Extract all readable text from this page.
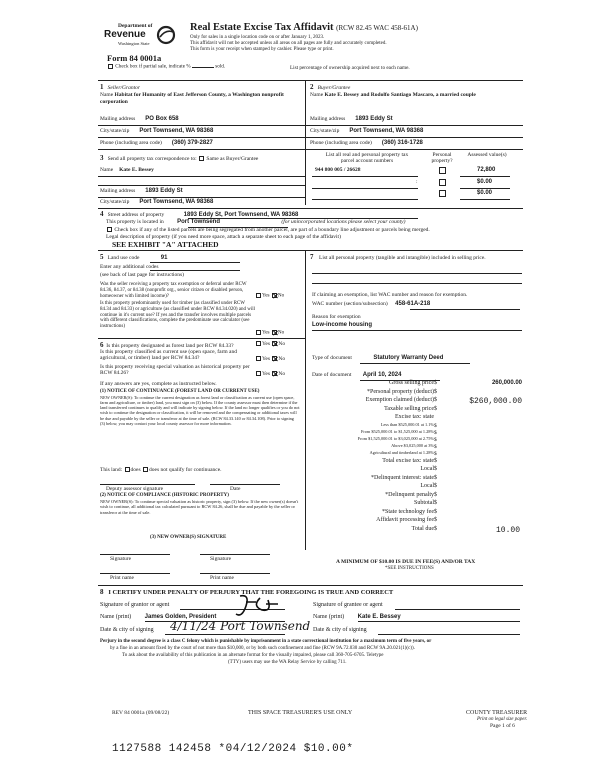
Department of
Revenue
Washington State
Form 84 0001a
Real Estate Excise Tax Affidavit (RCW 82.45 WAC 458-61A)
Only for sales in a single location code on or after January 1, 2023.
This affidavit will not be accepted unless all areas on all pages are fully and accurately completed.
This form is your receipt when stamped by cashier. Please type or print.
Check box if partial sale, indicate %	sold.	List percentage of ownership acquired next to each name.
1 Seller/Grantor
Name Habitat for Humanity of East Jefferson County, a Washington nonprofit corporation
Mailing address PO Box 658
City/state/zip Port Townsend, WA 98368
Phone (including area code) (360) 379-2827
2 Buyer/Grantee
Name Kate E. Bessey and Rodolfo Santiago Mascaro, a married couple
Mailing address 1893 Eddy St
City/state/zip Port Townsend, WA 98368
Phone (including area code) (360) 316-1728
3 Send all property tax correspondence to: Same as Buyer/Grantee
Name Kate E. Bessey
Mailing address 1893 Eddy St
City/state/zip Port Townsend, WA 98368
List all real and personal property tax
parcel account numbers
Personal property?
Assessed value(s)
944 800 005 / 26628	72,800
:	$0.00
$0.00
4 Street address of property	1893 Eddy St, Port Townsend, WA 98368
This property is located in Port Townsend	(for unincorporated locations please select your county)
Check box if any of the listed parcels are being segregated from another parcel, are part of a boundary line adjustment or parcels being merged.
Legal description of property (if you need more space, attach a separate sheet to each page of the affidavit)
SEE EXHIBIT "A" ATTACHED
5 Land use code	91
Enter any additional codes
(see back of last page for instructions)
Was the seller receiving a property tax exemption or deferral under RCW 84.36, 84.37, or 84.38 (nonprofit org., senior citizen or disabled person, homeowner with limited income)?	Yes No
Is this property predominantly used for timber (as classified under RCW 84.34 and 84.33) or agriculture (as classified under RCW 84.34.020) and will continue in it's current use? If yes and the transfer involves multiple parcels with different classifications, complete the predominate use calculator (see instructions)
Yes No
6 Is this property designated as forest land per RCW 84.33?	Yes No
Is this property classified as current use (open space, farm and agricultural, or timber) land per RCW 84.34?	Yes No
Is this property receiving special valuation as historical property per RCW 84.26?	Yes No
If any answers are yes, complete as instructed below.
(1) NOTICE OF CONTINUANCE (FOREST LAND OR CURRENT USE)
NEW OWNER(S): To continue the current designation as forest land or classification as current use (open space, farm and agriculture, or timber) land, you must sign on (3) below. If the county assessor must then determine if the land transferred continues to qualify and will indicate by signing below. If the land no longer qualifies or you do not wish to continue the designation or classification, it will be removed and the compensating or additional taxes will be due and payable by the seller or transferor at the time of sale. (RCW 84.33.140 or 84.34.108). Prior to signing (3) below, you may contact your local county assessor for more information.
This land: does does not qualify for continuance.
Deputy assessor signature	Date
(2) NOTICE OF COMPLIANCE (HISTORIC PROPERTY)
NEW OWNER(S): To continue special valuation as historic property, sign (3) below. If the new owner(s) doesn't wish to continue, all additional tax calculated pursuant to RCW 84.26, shall be due and payable by the seller or transferor at the time of sale.
(3) NEW OWNER(S) SIGNATURE
Signature	Signature
Print name	Print name
7 List all personal property (tangible and intangible) included in selling price.
If claiming an exemption, list WAC number and reason for exemption.
WAC number (section/subsection) 458-61A-218
Reason for exemption
Low-income housing
Type of document	Statutory Warranty Deed
Date of document April 10, 2024
Gross selling price $	260,000.00
*Personal property (deduct) $
Exemption claimed (deduct) $	$260,000.00
Taxable selling price $
Excise tax: state
Less than $525,000.01 at 1.1% $
From $525,000.01 to $1,525,000 at 1.28% $
From $1,525,000.01 to $3,025,000 at 2.75% $
Above $3,025,000 at 3% $
Agricultural and timberland at 1.28% $
Total excise tax: state $
Local $
*Delinquent interest: state $
Local $
*Delinquent penalty $
Subtotal $
*State technology fee $
Affidavit processing fee $
Total due $	10.00
A MINIMUM OF $10.00 IS DUE IN FEE(S) AND/OR TAX
*SEE INSTRUCTIONS
8 I CERTIFY UNDER PENALTY OF PERJURY THAT THE FOREGOING IS TRUE AND CORRECT
Signature of grantor or agent	Signature of grantee or agent
Name (print) James Golden, President	Name (print) Kate E. Bessey
Date & city of signing 4/11/24 Port Townsend Date & city of signing
Perjury in the second degree is a class C felony which is punishable by imprisonment in a state correctional institution for a maximum term of five years, or
by a fine in an amount fixed by the court of not more than $10,000, or by both such confinement and fine (RCW 9A.72.030 and RCW 9A.20.021(1)(c)).
To ask about the availability of this publication in an alternate format for the visually impaired, please call 360-705-6705. Teletype
(TTY) users may use the WA Relay Service by calling 711.
REV 84 0001a (09/08/22)	THIS SPACE TREASURER'S USE ONLY	COUNTY TREASURER
Print on legal size paper.
Page 1 of 6
1127588 142458 *04/12/2024 $10.00*
